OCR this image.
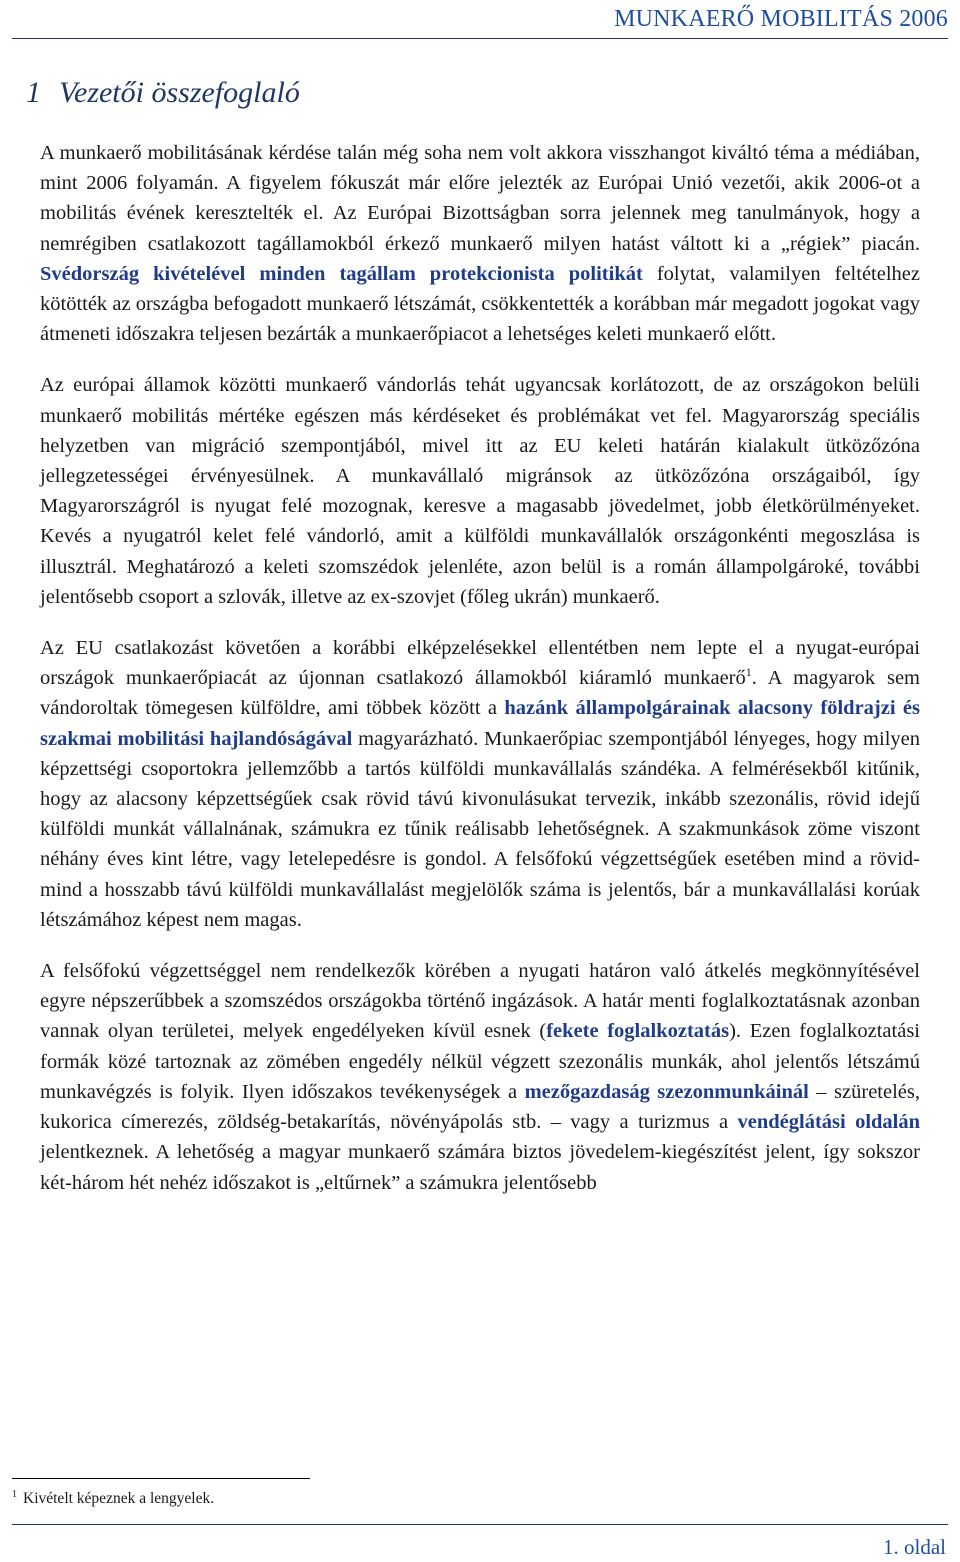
MUNKAERŐ MOBILITÁS 2006
1 Vezetői összefoglaló

A munkaerő mobilitásának kérdése talán még soha nem volt akkora visszhangot kiváltó téma a médiában, mint 2006 folyamán. A figyelem fókuszát már előre jelezték az Európai Unió vezetői, akik 2006-ot a mobilitás évének keresztelték el. Az Európai Bizottságban sorra jelennek meg tanulmányok, hogy a nemrégiben csatlakozott tagállamokból érkező munkaerő milyen hatást váltott ki a „régiek” piacán. Svédország kivételével minden tagállam protekcionista politikát folytat, valamilyen feltételhez kötötték az országba befogadott munkaerő létszámát, csökkentették a korábban már megadott jogokat vagy átmeneti időszakra teljesen bezárták a munkaerőpiacot a lehetséges keleti munkaerő előtt.

Az európai államok közötti munkaerő vándorlás tehát ugyancsak korlátozott, de az országokon belüli munkaerő mobilitás mértéke egészen más kérdéseket és problémákat vet fel. Magyarország speciális helyzetben van migráció szempontjából, mivel itt az EU keleti határán kialakult ütközőzóna jellegzetességei érvényesülnek. A munkavállaló migránsok az ütközőzóna országaiból, így Magyarországról is nyugat felé mozognak, keresve a magasabb jövedelmet, jobb életkörülményeket. Kevés a nyugatról kelet felé vándorló, amit a külföldi munkavállalók országonkénti megoszlása is illusztrál. Meghatározó a keleti szomszédok jelenléte, azon belül is a román állampolgároké, további jelentősebb csoport a szlovák, illetve az ex-szovjet (főleg ukrán) munkaerő.

Az EU csatlakozást követően a korábbi elképzelésekkel ellentétben nem lepte el a nyugat-európai országok munkaerőpiacát az újonnan csatlakozó államokból kiáramló munkaerő$^1$. A magyarok sem vándoroltak tömegesen külföldre, ami többek között a hazánk állampolgárainak alacsony földrajzi és szakmai mobilitási hajlandóságával magyarázható. Munkaerőpiac szempontjából lényeges, hogy milyen képzettségi csoportokra jellemzőbb a tartós külföldi munkavállalás szándéka. A felmérésekből kitűnik, hogy az alacsony képzettségűek csak rövid távú kivonulásukat tervezik, inkább szezonális, rövid idejű külföldi munkát vállalnának, számukra ez tűnik reálisabb lehetőségnek. A szakmunkások zöme viszont néhány éves kint létre, vagy letelepedésre is gondol. A felsőfokú végzettségűek esetében mind a rövid- mind a hosszabb távú külföldi munkavállalást megjelölők száma is jelentős, bár a munkavállalási korúak létszámához képest nem magas.

A felsőfokú végzettséggel nem rendelkezők körében a nyugati határon való átkelés megkönnyítésével egyre népszerűbbek a szomszédos országokba történő ingázások. A határ menti foglalkoztatásnak azonban vannak olyan területei, melyek engedélyeken kívül esnek (fekete foglalkoztatás). Ezen foglalkoztatási formák közé tartoznak az zömében engedély nélkül végzett szezonális munkák, ahol jelentős létszámú munkavégzés is folyik. Ilyen időszakos tevékenységek a mezőgazdaság szezonmunkáinál – szüretelés, kukorica címerezés, zöldség-betakarítás, növényápolás stb. – vagy a turizmus a vendéglátási oldalán jelentkeznek. A lehetőség a magyar munkaerő számára biztos jövedelem-kiegészítést jelent, így sokszor két-három hét nehéz időszakot is „eltűrnek” a számukra jelentősebb

$^1$ Kivételt képeznek a lengyelek.
1. oldal
